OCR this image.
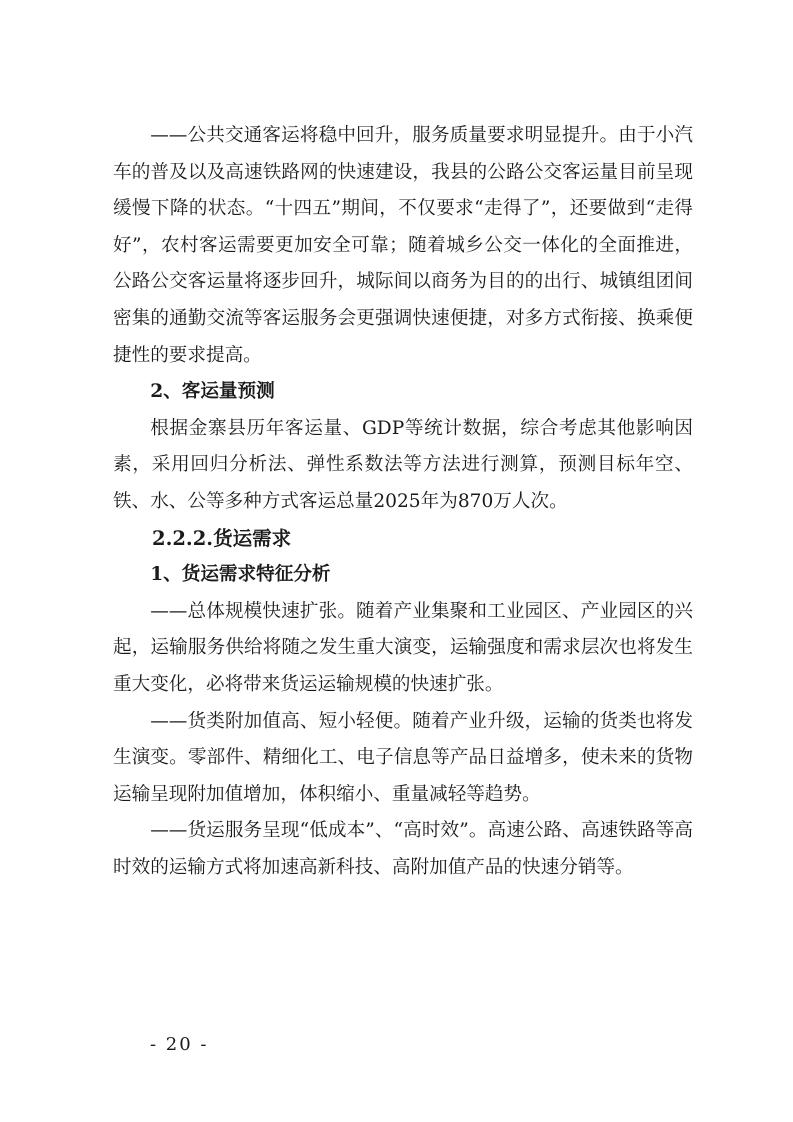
——公共交通客运将稳中回升，服务质量要求明显提升。由于小汽车的普及以及高速铁路网的快速建设，我县的公路公交客运量目前呈现缓慢下降的状态。“十四五”期间，不仅要求“走得了”，还要做到“走得好”，农村客运需要更加安全可靠；随着城乡公交一体化的全面推进，公路公交客运量将逐步回升，城际间以商务为目的的出行、城镇组团间密集的通勤交流等客运服务会更强调快速便捷，对多方式衔接、换乘便捷性的要求提高。

2、客运量预测

根据金寨县历年客运量、GDP等统计数据，综合考虑其他影响因素，采用回归分析法、弹性系数法等方法进行测算，预测目标年空、铁、水、公等多种方式客运总量2025年为870万人次。

2.2.2.货运需求

1、货运需求特征分析

——总体规模快速扩张。随着产业集聚和工业园区、产业园区的兴起，运输服务供给将随之发生重大演变，运输强度和需求层次也将发生重大变化，必将带来货运运输规模的快速扩张。

——货类附加值高、短小轻便。随着产业升级，运输的货类也将发生演变。零部件、精细化工、电子信息等产品日益增多，使未来的货物运输呈现附加值增加，体积缩小、重量减轻等趋势。

——货运服务呈现“低成本”、“高时效”。高速公路、高速铁路等高时效的运输方式将加速高新科技、高附加值产品的快速分销等。

- 20 -
